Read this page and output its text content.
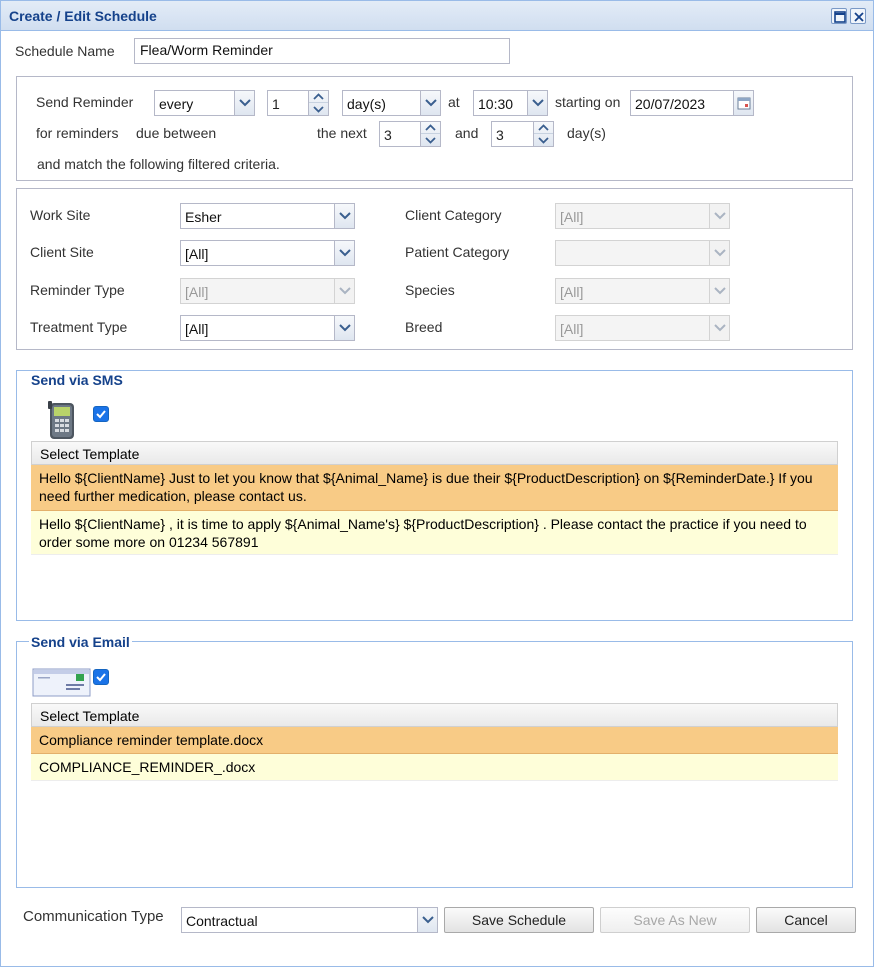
Create / Edit Schedule
Schedule Name	Flea/Worm Reminder
Send Reminder every	1	day(s)	at 10:30	starting on 20/07/2023
for reminders due between	the next 3	and 3	day(s)
and match the following filtered criteria.
Work Site	Esher
Client Site	[All]
Reminder Type	[All]
Treatment Type	[All]
Client Category	[All]
Patient Category
Species	[All]
Breed	[All]
Send via SMS
Select Template
Hello ${ClientName} Just to let you know that ${Animal_Name} is due their ${ProductDescription} on ${ReminderDate.} If you need further medication, please contact us.
Hello ${ClientName} , it is time to apply ${Animal_Name's} ${ProductDescription} . Please contact the practice if you need to order some more on 01234 567891
Send via Email
Select Template
Compliance reminder template.docx
COMPLIANCE_REMINDER_.docx
Communication Type Contractual	Save Schedule	Save As New	Cancel
